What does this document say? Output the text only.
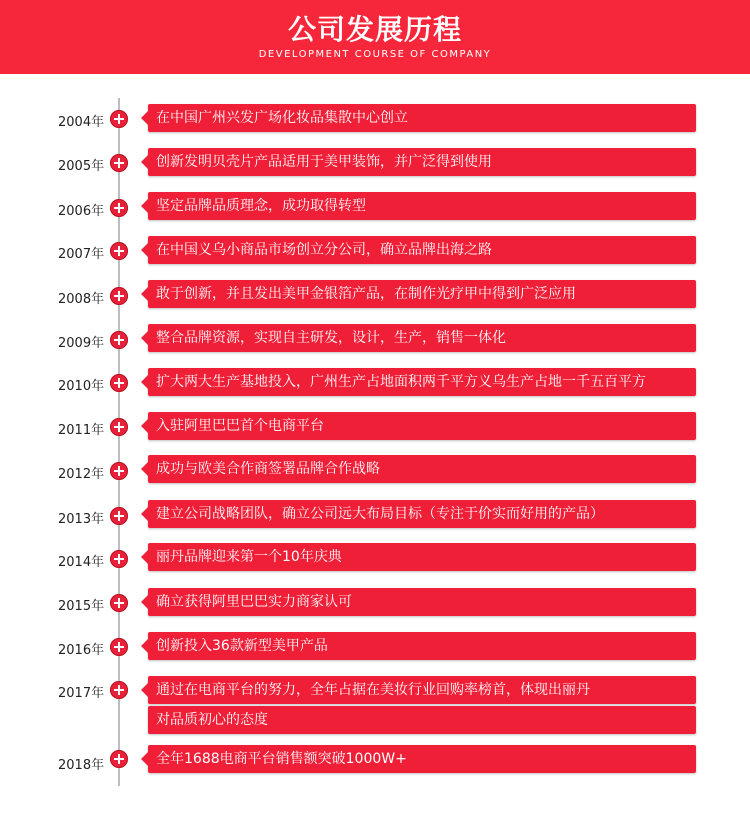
公司发展历程
DEVELOPMENT COURSE OF COMPANY
2004年	在中国广州兴发广场化妆品集散中心创立
2005年	创新发明贝壳片产品适用于美甲装饰，并广泛得到使用
2006年	坚定品牌品质理念，成功取得转型
2007年	在中国义乌小商品市场创立分公司，确立品牌出海之路
2008年	敢于创新，并且发出美甲金银箔产品，在制作光疗甲中得到广泛应用
2009年	整合品牌资源，实现自主研发，设计，生产，销售一体化
2010年	扩大两大生产基地投入，广州生产占地面积两千平方义乌生产占地一千五百平方
2011年	入驻阿里巴巴首个电商平台
2012年	成功与欧美合作商签署品牌合作战略
2013年	建立公司战略团队，确立公司远大布局目标（专注于价实而好用的产品）
2014年	丽丹品牌迎来第一个10年庆典
2015年	确立获得阿里巴巴实力商家认可
2016年	创新投入36款新型美甲产品
2017年	通过在电商平台的努力，全年占据在美妆行业回购率榜首，体现出丽丹
对品质初心的态度
2018年	全年1688电商平台销售额突破1000W+
